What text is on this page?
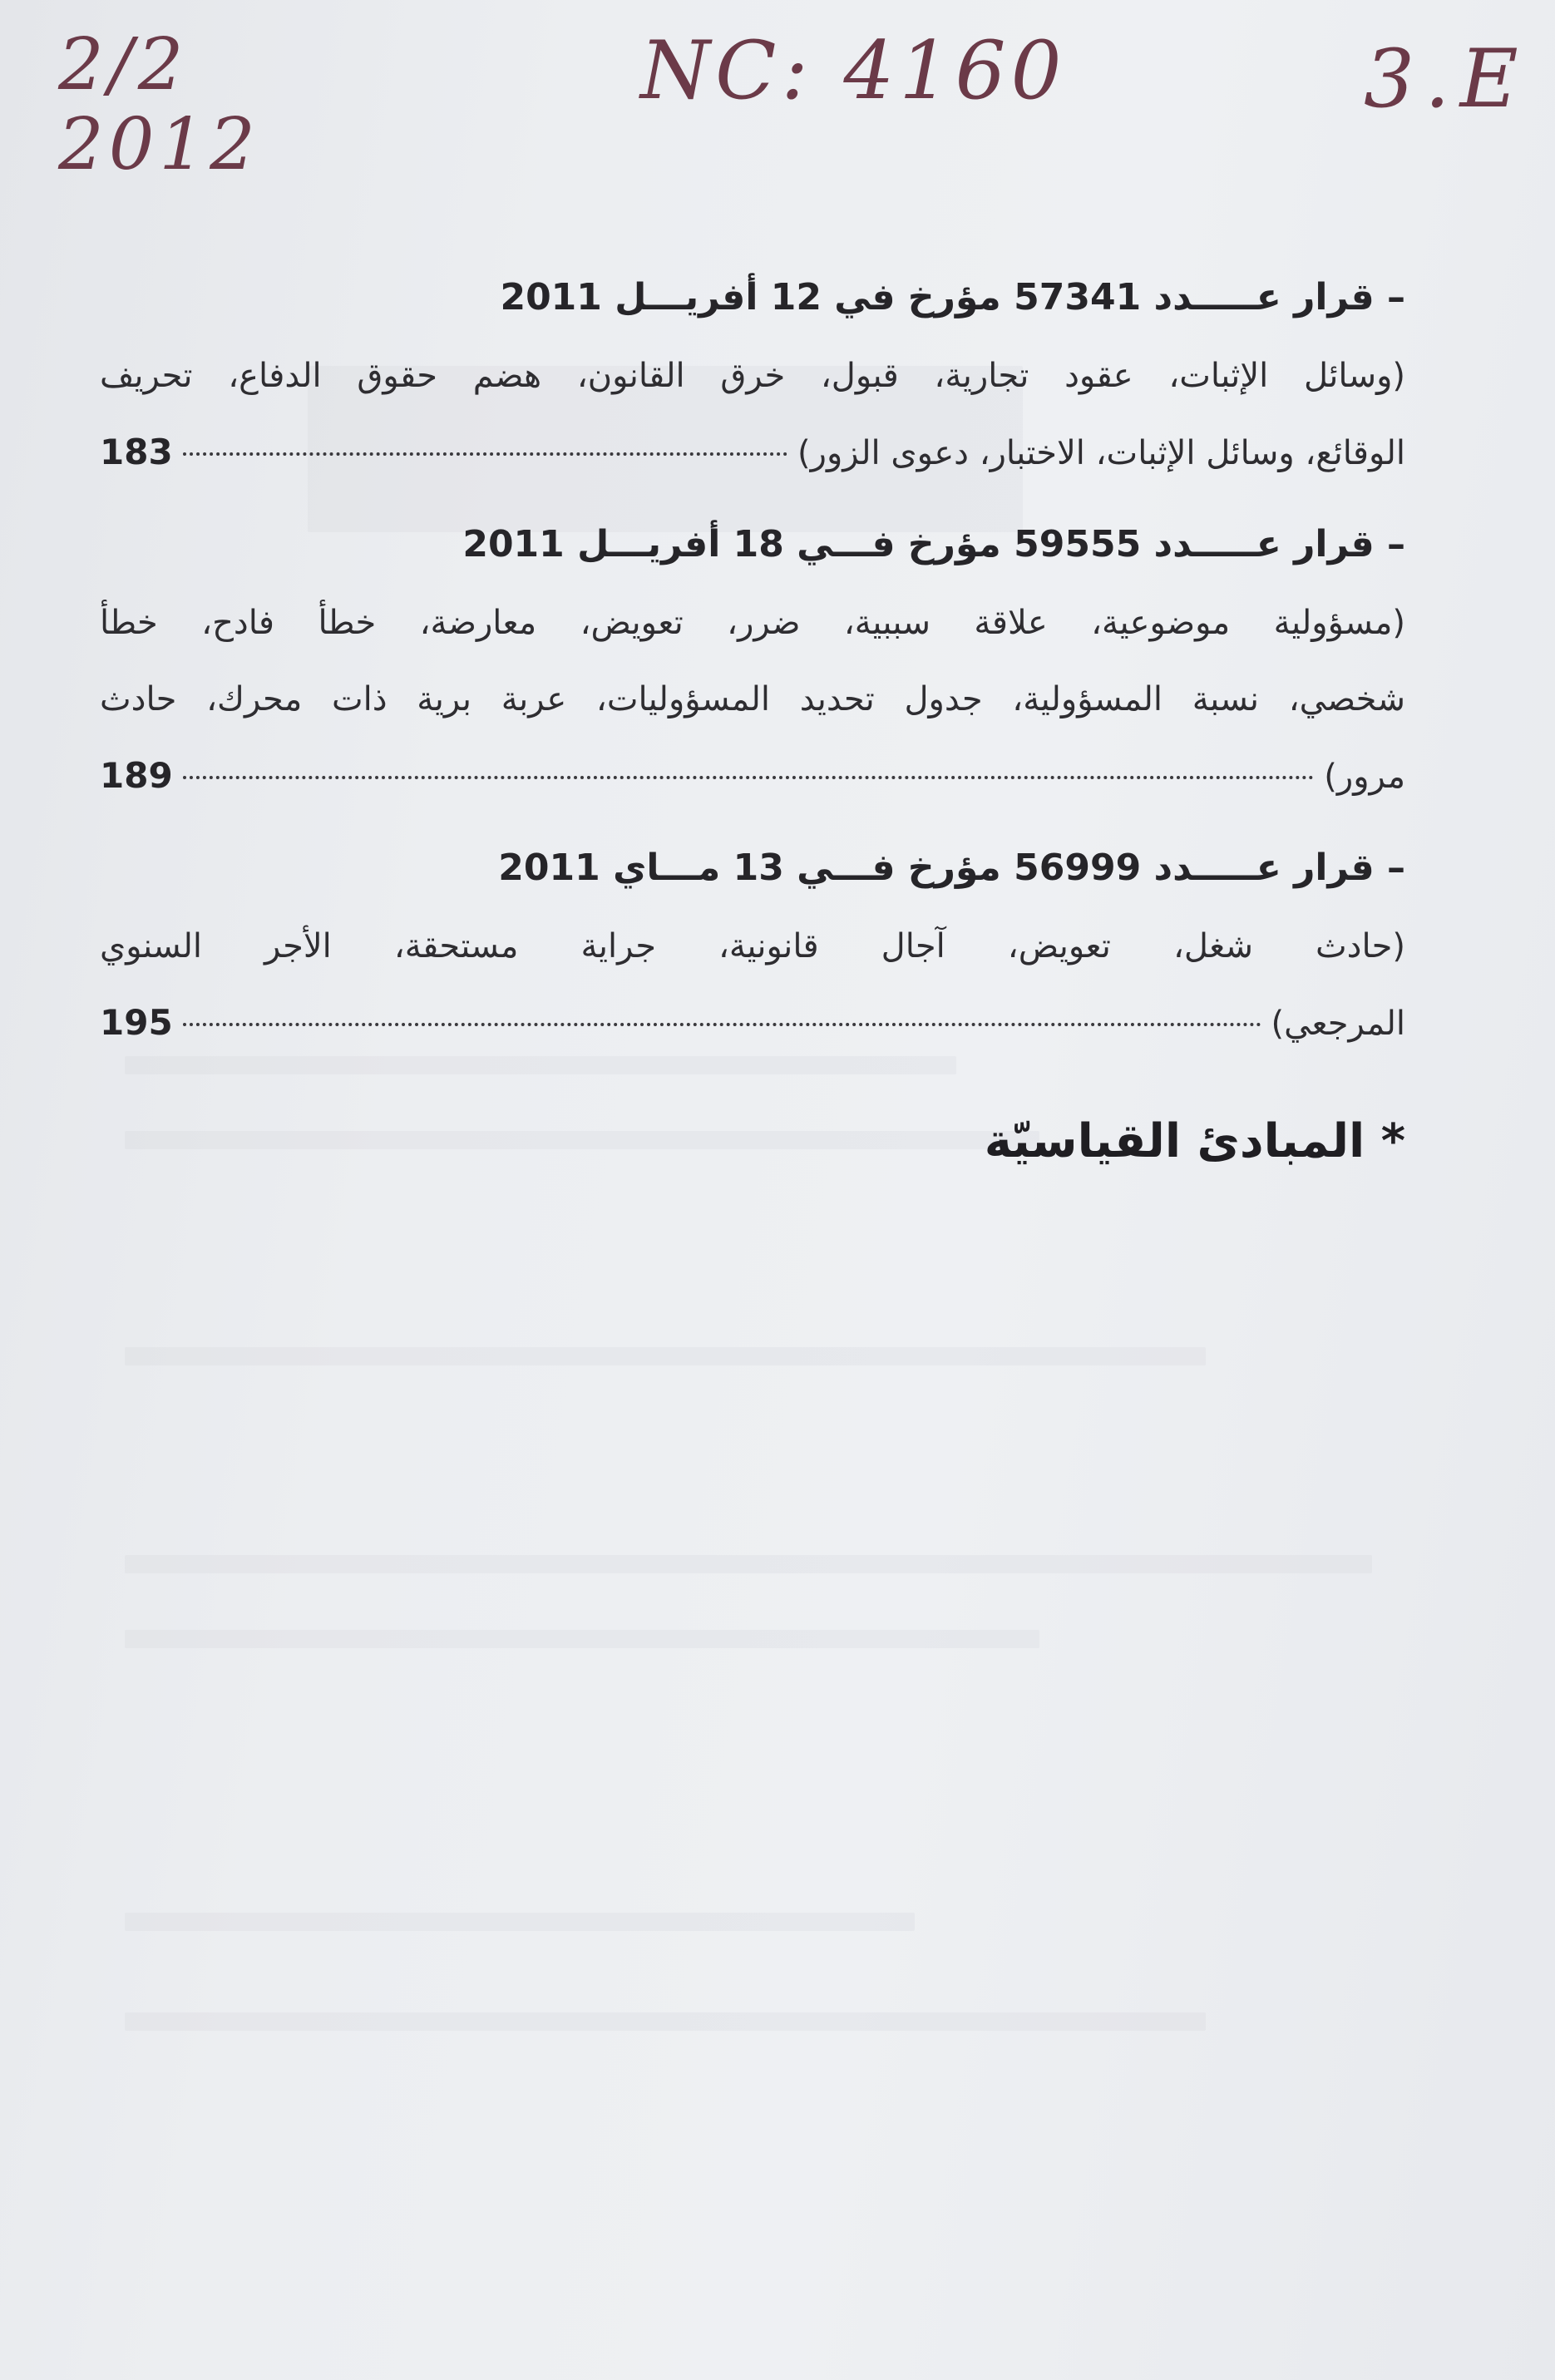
2/2
2012
NC: 4160	3.E
– قرار عـــــدد 57341 مؤرخ في 12 أفريـــل 2011
(وسائل الإثبات، عقود تجارية، قبول، خرق القانون، هضم حقوق الدفاع، تحريف
الوقائع، وسائل الإثبات، الاختبار، دعوى الزور)
183
– قرار عـــــدد 59555 مؤرخ فـــي 18 أفريـــل 2011
(مسؤولية موضوعية، علاقة سببية، ضرر، تعويض، معارضة، خطأ فادح، خطأ
شخصي، نسبة المسؤولية، جدول تحديد المسؤوليات، عربة برية ذات محرك، حادث
مرور)
189
– قرار عـــــدد 56999 مؤرخ فـــي 13 مـــاي 2011
(حادث شغل، تعويض، آجال قانونية، جراية مستحقة، الأجر السنوي
المرجعي)
195
* المبادئ القياسيّة
